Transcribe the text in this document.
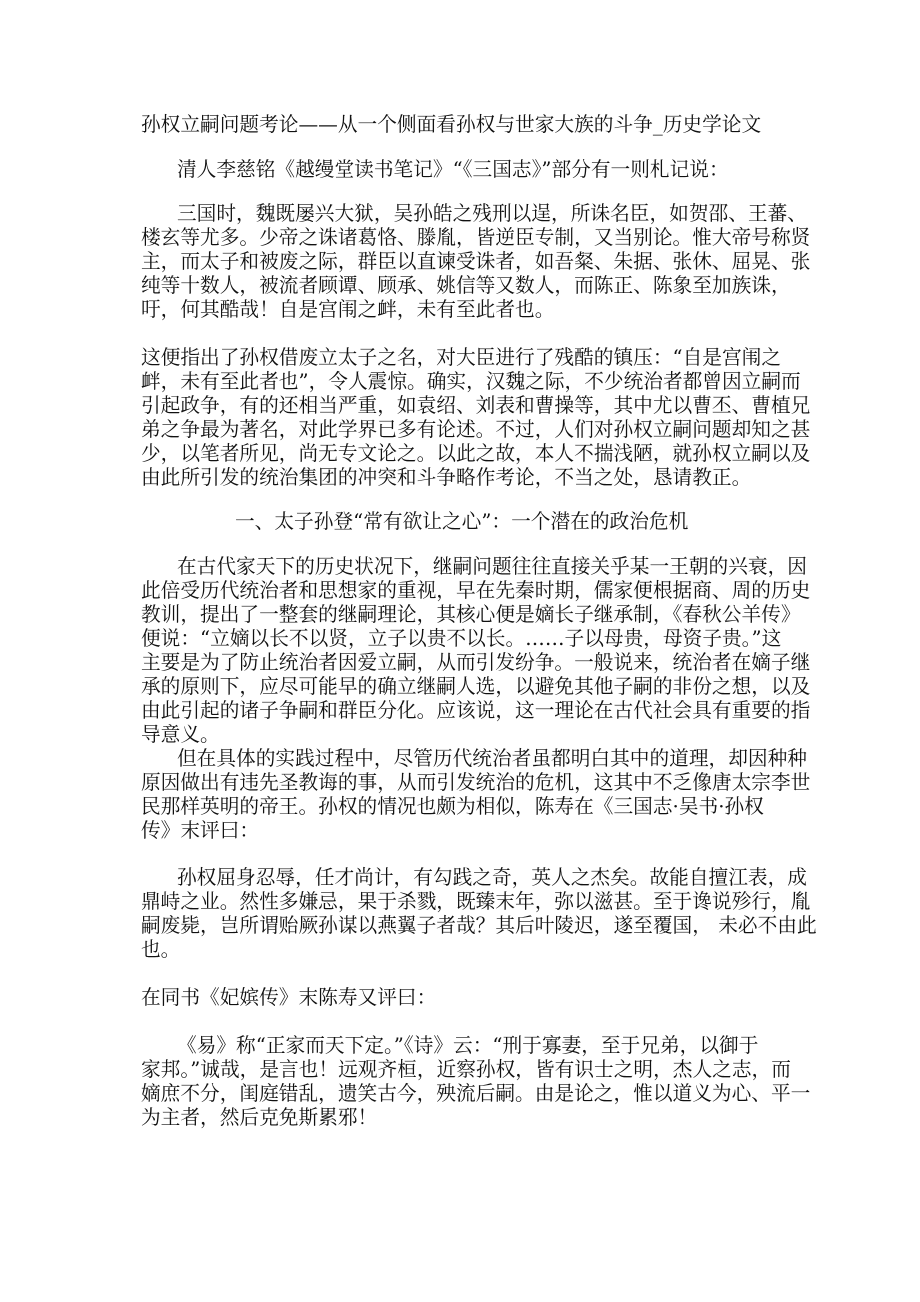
孙权立嗣问题考论——从一个侧面看孙权与世家大族的斗争_历史学论文
清人李慈铭《越缦堂读书笔记》“《三国志》”部分有一则札记说：
三国时，魏既屡兴大狱，吴孙皓之残刑以逞，所诛名臣，如贺邵、王蕃、
楼玄等尤多。少帝之诛诸葛恪、滕胤，皆逆臣专制，又当别论。惟大帝号称贤
主，而太子和被废之际，群臣以直谏受诛者，如吾粲、朱据、张休、屈晃、张
纯等十数人，被流者顾谭、顾承、姚信等又数人，而陈正、陈象至加族诛，
吁，何其酷哉！自是宫闱之衅，未有至此者也。
这便指出了孙权借废立太子之名，对大臣进行了残酷的镇压：“自是宫闱之
衅，未有至此者也”，令人震惊。确实，汉魏之际，不少统治者都曾因立嗣而
引起政争，有的还相当严重，如袁绍、刘表和曹操等，其中尤以曹丕、曹植兄
弟之争最为著名，对此学界已多有论述。不过，人们对孙权立嗣问题却知之甚
少，以笔者所见，尚无专文论之。以此之故，本人不揣浅陋，就孙权立嗣以及
由此所引发的统治集团的冲突和斗争略作考论，不当之处，恳请教正。
一、太子孙登“常有欲让之心”：一个潜在的政治危机
在古代家天下的历史状况下，继嗣问题往往直接关乎某一王朝的兴衰，因
此倍受历代统治者和思想家的重视，早在先秦时期，儒家便根据商、周的历史
教训，提出了一整套的继嗣理论，其核心便是嫡长子继承制，《春秋公羊传》
便说：“立嫡以长不以贤，立子以贵不以长。……子以母贵，母资子贵。”这
主要是为了防止统治者因爱立嗣，从而引发纷争。一般说来，统治者在嫡子继
承的原则下，应尽可能早的确立继嗣人选，以避免其他子嗣的非份之想，以及
由此引起的诸子争嗣和群臣分化。应该说，这一理论在古代社会具有重要的指
导意义。
但在具体的实践过程中，尽管历代统治者虽都明白其中的道理，却因种种
原因做出有违先圣教诲的事，从而引发统治的危机，这其中不乏像唐太宗李世
民那样英明的帝王。孙权的情况也颇为相似，陈寿在《三国志·吴书·孙权
传》末评曰：
孙权屈身忍辱，任才尚计，有勾践之奇，英人之杰矣。故能自擅江表，成
鼎峙之业。然性多嫌忌，果于杀戮，既臻末年，弥以滋甚。至于谗说殄行，胤
嗣废毙，岂所谓贻厥孙谋以燕翼子者哉？其后叶陵迟，遂至覆国， 未必不由此
也。
在同书《妃嫔传》末陈寿又评曰：
《易》称“正家而天下定。”《诗》云：“刑于寡妻，至于兄弟，以御于
家邦。”诚哉，是言也！远观齐桓，近察孙权，皆有识士之明，杰人之志，而
嫡庶不分，闺庭错乱，遗笑古今，殃流后嗣。由是论之，惟以道义为心、平一
为主者，然后克免斯累邪！
